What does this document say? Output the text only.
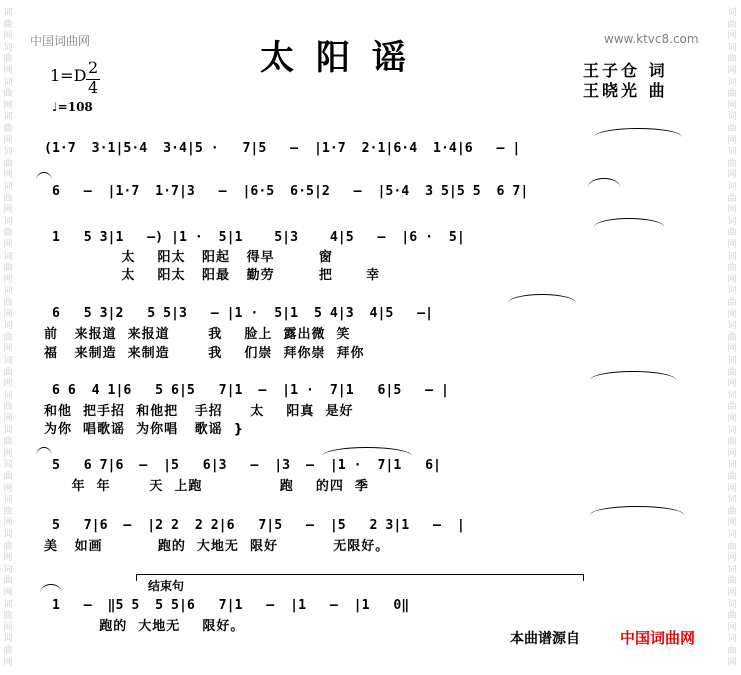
词
曲
网
词
曲
网
词
曲
网
词
曲
网
词
曲
网
词
曲
网
词
曲
网
词
曲
网
词
曲
网
词
曲
网
词
曲
网
词
曲
网
词
曲
网
词
曲
网
词
曲
网
词
曲
网
词
曲
网
词
曲
网
词
曲
网
词
曲
网
词
曲
网
词
曲
网
词
曲
网
词
曲
网
词
曲
网
词
曲
网
词
曲
网
词
曲
网
词
曲
网
词
曲
网
词
曲
网
词
曲
网
词
曲
网
词
曲
网
词
曲
网
词
曲
网
词
曲
网
词
曲
网
中国词曲网	www.ktvc8.com
太阳谣	王子仓 词
王晓光 曲
1=D 2
4
♩=108
(1·7  3·1|5·4  3·4|5 ·   7|5   —  |1·7  2·1|6·4  1·4|6   — |
6   —  |1·7  1·7|3   —  |6·5  6·5|2   —  |5·4  3 5|5 5  6 7|
1   5 3|1   —) |1 ·  5|1    5|3    4|5   —  |6 ·  5|
太    阳太   阳起   得早        窗
太    阳太   阳最   勤劳        把      幸
6   5 3|2   5 5|3   — |1 ·  5|1  5 4|3  4|5   —|
前   来报道  来报道       我    脸上  露出微  笑
福   来制造  来制造       我    们崇  拜你崇  拜你
6 6  4 1|6   5 6|5   7|1  —  |1 ·  7|1   6|5   — |
和他  把手招  和他把   手招     太    阳真  是好
为你  唱歌谣  为你唱   歌谣  }
5   6 7|6  —  |5   6|3   —  |3  —  |1 ·  7|1   6|
年  年       天  上跑              跑    的四  季
5   7|6  —  |2 2  2 2|6   7|5   —  |5   2 3|1   —  |
美   如画          跑的  大地无  限好          无限好。
结束句
1   —  ‖5 5  5 5|6   7|1   —  |1   —  |1   0‖
跑的  大地无    限好。
本曲谱源自	中国词曲网
